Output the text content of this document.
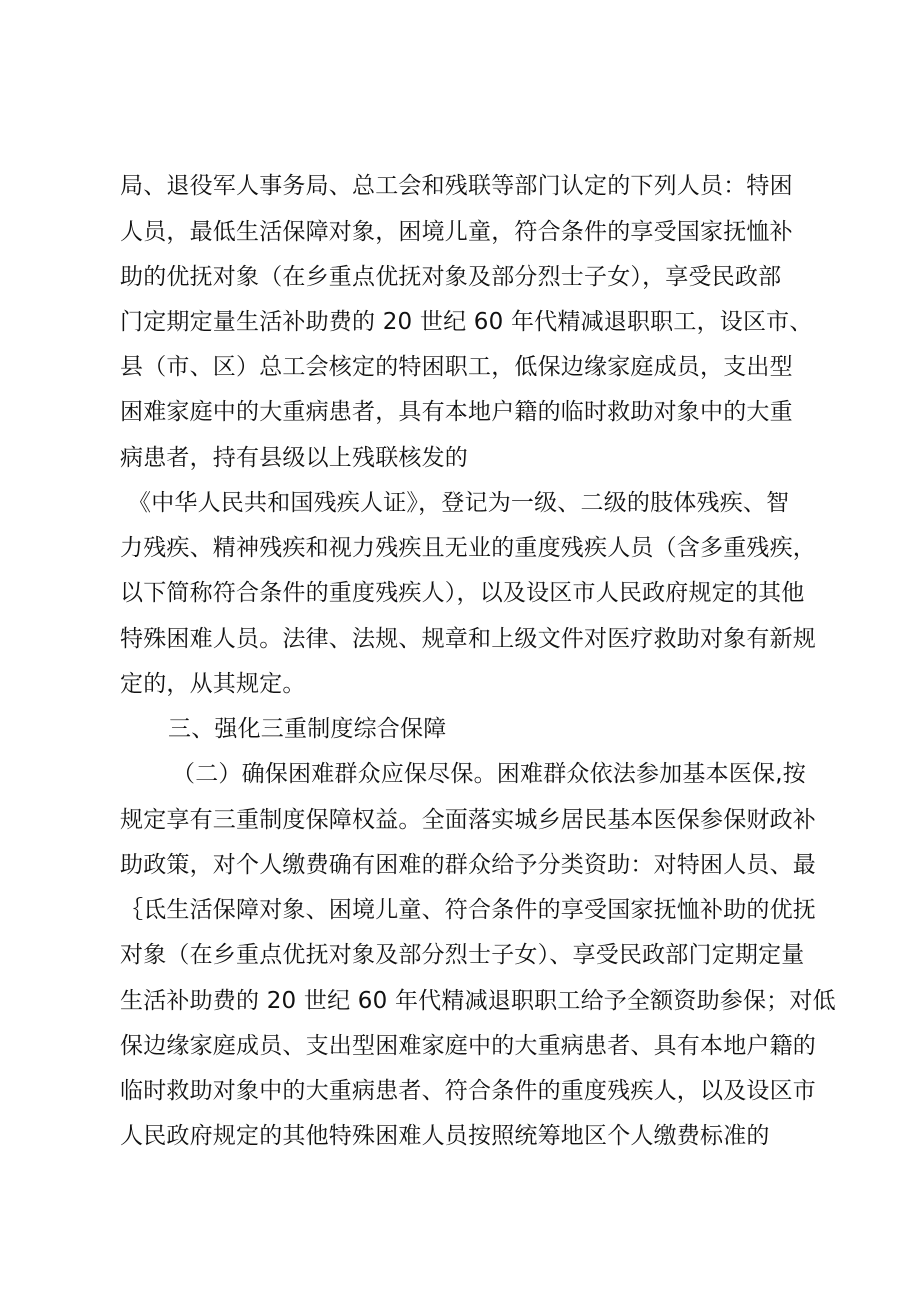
局、退役军人事务局、总工会和残联等部门认定的下列人员：特困
人员，最低生活保障对象，困境儿童，符合条件的享受国家抚恤补
助的优抚对象（在乡重点优抚对象及部分烈士子女），享受民政部
门定期定量生活补助费的 20 世纪 60 年代精减退职职工，设区市、
县（市、区）总工会核定的特困职工，低保边缘家庭成员，支出型
困难家庭中的大重病患者，具有本地户籍的临时救助对象中的大重
病患者，持有县级以上残联核发的
《中华人民共和国残疾人证》，登记为一级、二级的肢体残疾、智
力残疾、精神残疾和视力残疾且无业的重度残疾人员（含多重残疾，
以下简称符合条件的重度残疾人），以及设区市人民政府规定的其他
特殊困难人员。法律、法规、规章和上级文件对医疗救助对象有新规
定的，从其规定。
三、强化三重制度综合保障
（二）确保困难群众应保尽保。困难群众依法参加基本医保,按
规定享有三重制度保障权益。全面落实城乡居民基本医保参保财政补
助政策，对个人缴费确有困难的群众给予分类资助：对特困人员、最
｛氐生活保障对象、困境儿童、符合条件的享受国家抚恤补助的优抚
对象（在乡重点优抚对象及部分烈士子女）、享受民政部门定期定量
生活补助费的 20 世纪 60 年代精减退职职工给予全额资助参保；对低
保边缘家庭成员、支出型困难家庭中的大重病患者、具有本地户籍的
临时救助对象中的大重病患者、符合条件的重度残疾人，以及设区市
人民政府规定的其他特殊困难人员按照统筹地区个人缴费标准的
